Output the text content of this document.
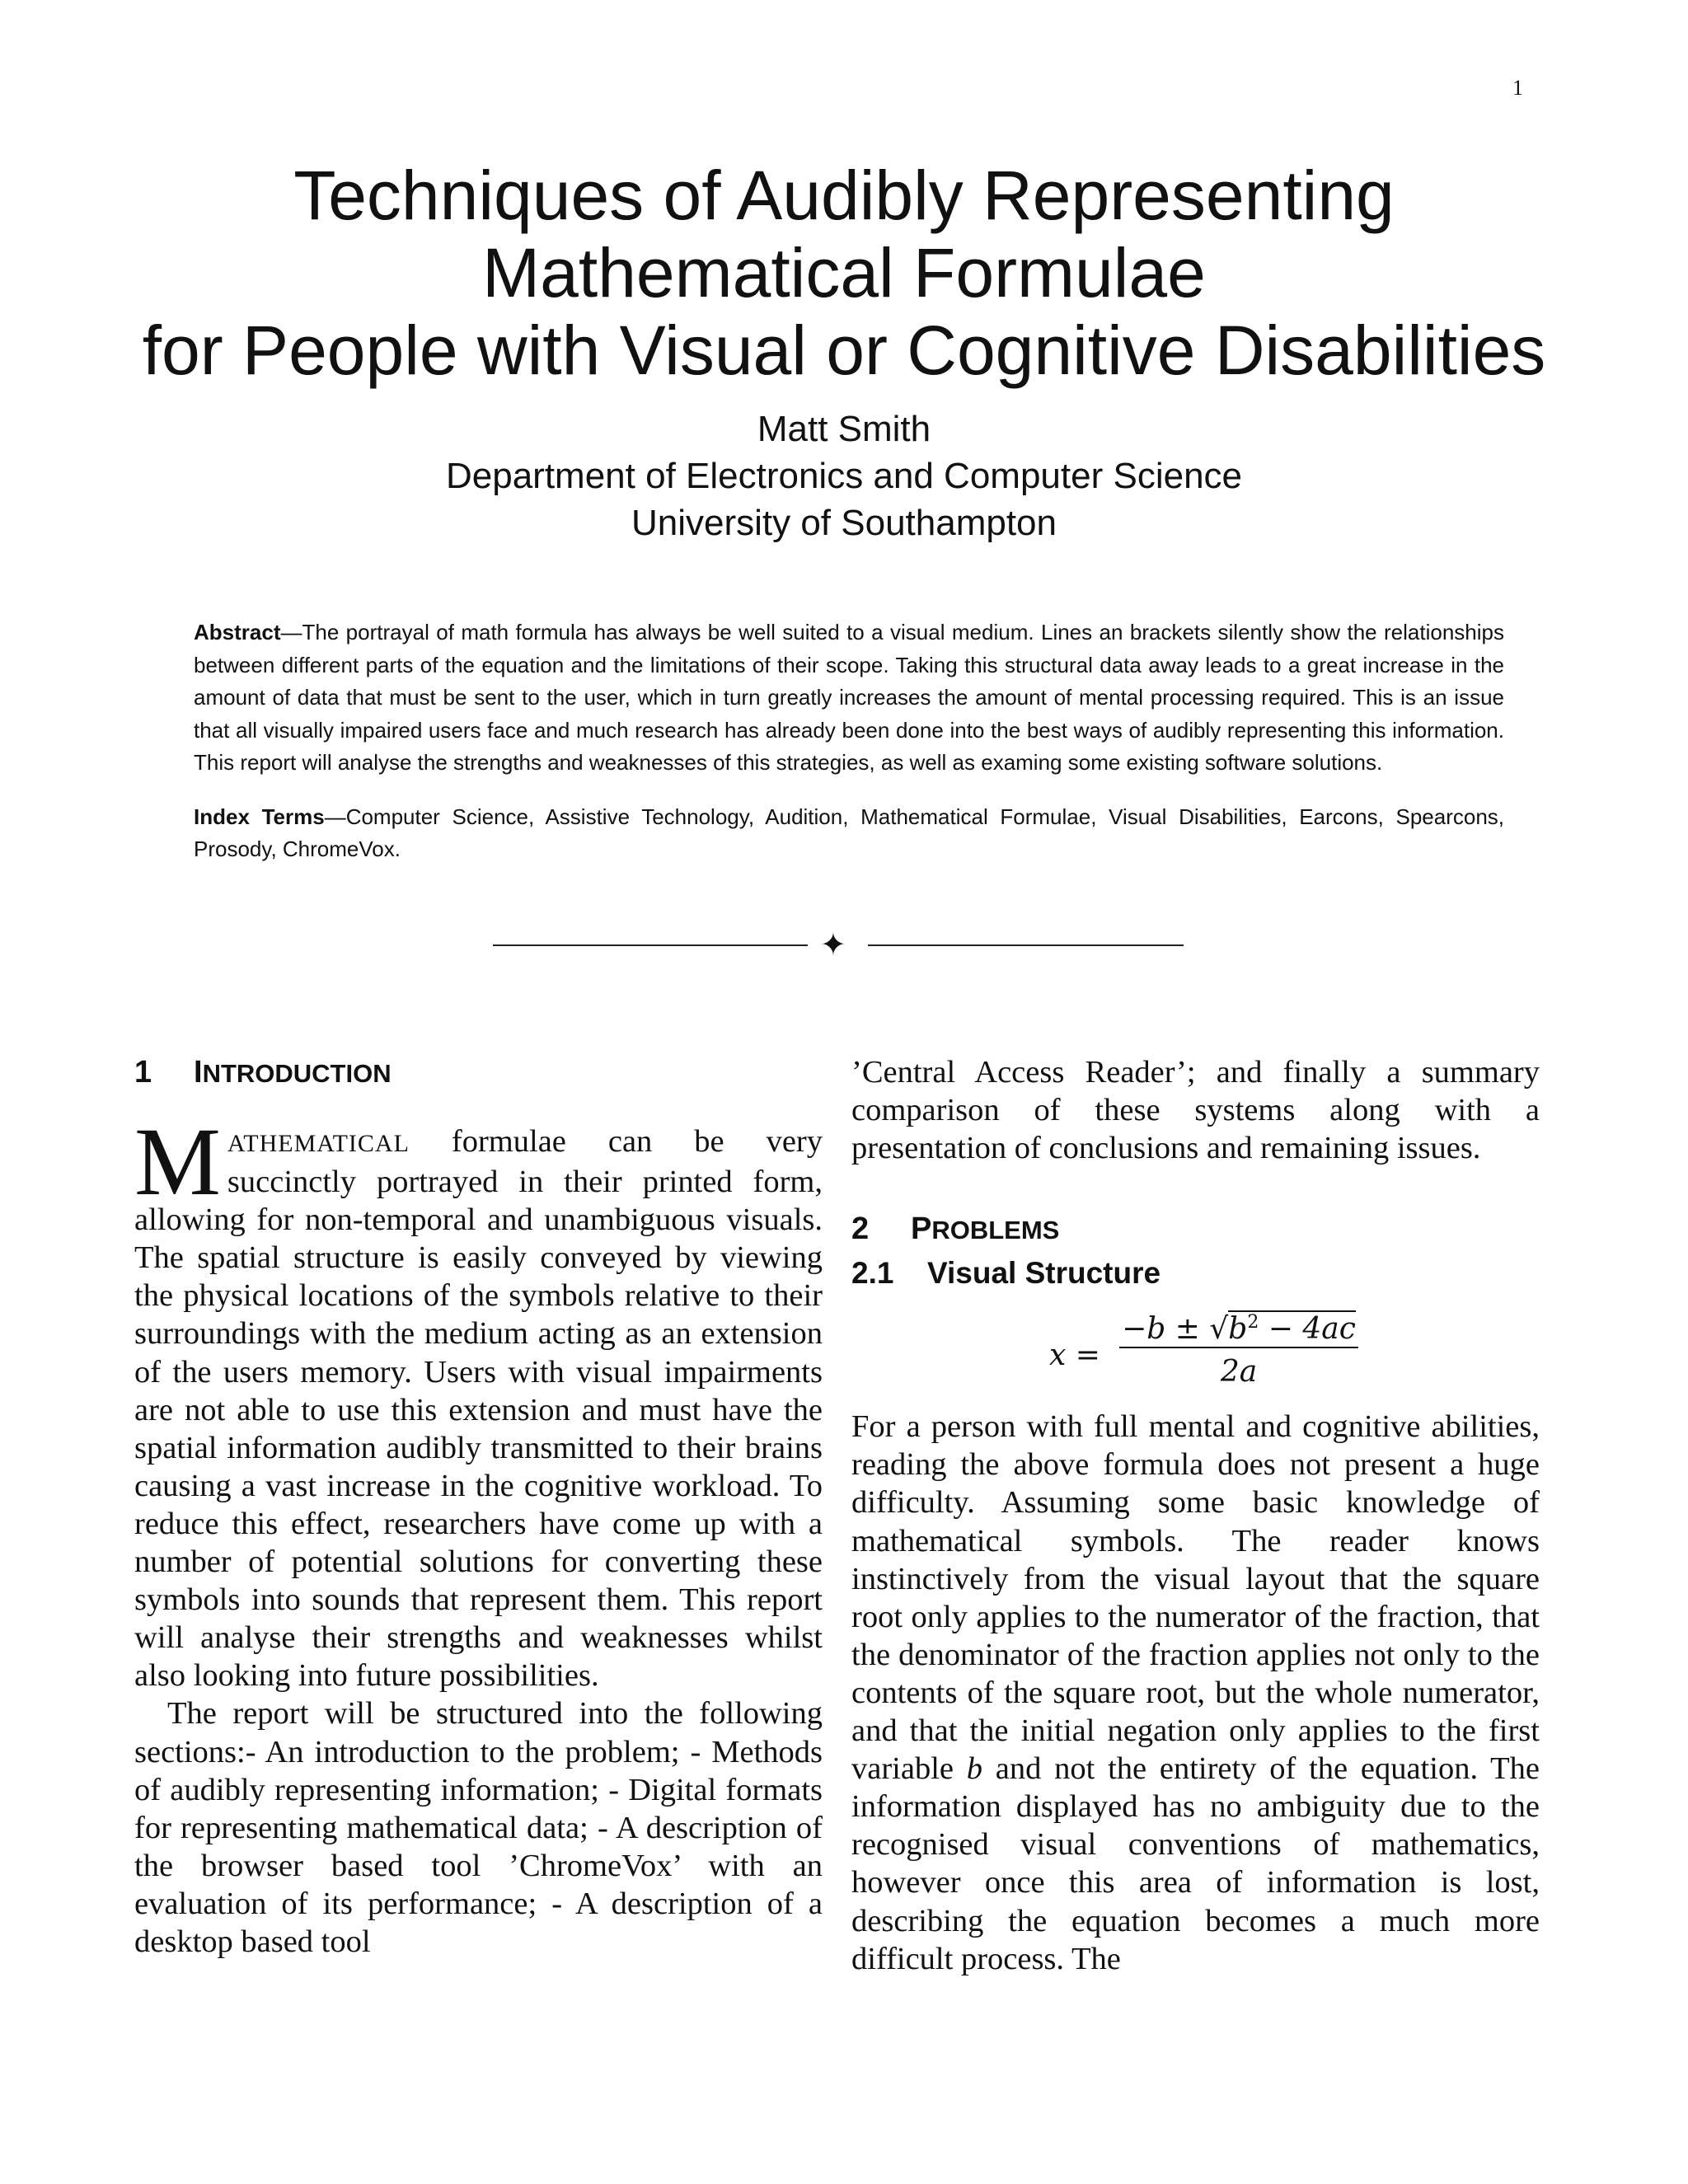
1
Techniques of Audibly Representing
Mathematical Formulae
for People with Visual or Cognitive Disabilities
Matt Smith
Department of Electronics and Computer Science
University of Southampton
Abstract—The portrayal of math formula has always be well suited to a visual medium. Lines an brackets silently show the relationships between different parts of the equation and the limitations of their scope. Taking this structural data away leads to a great increase in the amount of data that must be sent to the user, which in turn greatly increases the amount of mental processing required. This is an issue that all visually impaired users face and much research has already been done into the best ways of audibly representing this information. This report will analyse the strengths and weaknesses of this strategies, as well as examing some existing software solutions.
Index Terms—Computer Science, Assistive Technology, Audition, Mathematical Formulae, Visual Disabilities, Earcons, Spearcons, Prosody, ChromeVox.
✦
1 INTRODUCTION

MATHEMATICAL formulae can be very succinctly portrayed in their printed form, allowing for non-temporal and unambiguous visuals. The spatial structure is easily conveyed by viewing the physical locations of the symbols relative to their surroundings with the medium acting as an extension of the users memory. Users with visual impairments are not able to use this extension and must have the spatial information audibly transmitted to their brains causing a vast increase in the cognitive workload. To reduce this effect, researchers have come up with a number of potential solutions for converting these symbols into sounds that represent them. This report will analyse their strengths and weaknesses whilst also looking into future possibilities.

The report will be structured into the following sections:- An introduction to the problem; - Methods of audibly representing information; - Digital formats for representing mathematical data; - A description of the browser based tool ’ChromeVox’ with an evaluation of its performance; - A description of a desktop based tool

’Central Access Reader’; and finally a summary comparison of these systems along with a presentation of conclusions and remaining issues.

2 PROBLEMS
2.1 Visual Structure
x =
$-b \pm √b^2 - 4ac$
2a

For a person with full mental and cognitive abilities, reading the above formula does not present a huge difficulty. Assuming some basic knowledge of mathematical symbols. The reader knows instinctively from the visual layout that the square root only applies to the numerator of the fraction, that the denominator of the fraction applies not only to the contents of the square root, but the whole numerator, and that the initial negation only applies to the first variable b and not the entirety of the equation. The information displayed has no ambiguity due to the recognised visual conventions of mathematics, however once this area of information is lost, describing the equation becomes a much more difficult process. The
